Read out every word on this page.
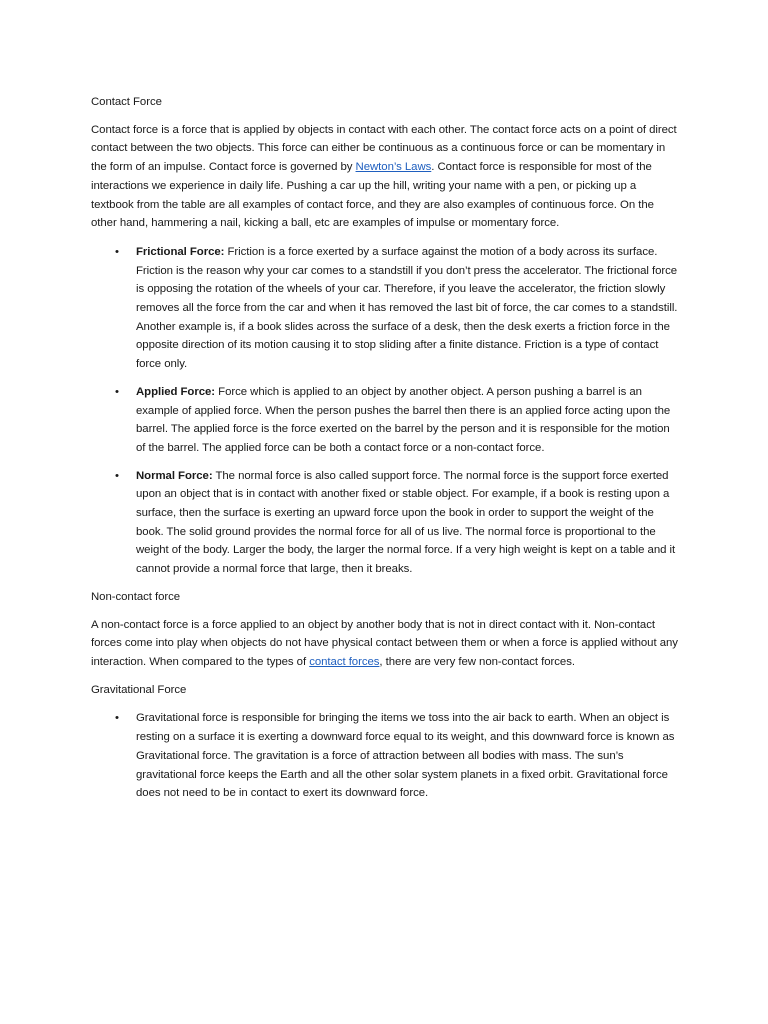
Contact Force

Contact force is a force that is applied by objects in contact with each other. The contact force acts on a point of direct contact between the two objects. This force can either be continuous as a continuous force or can be momentary in the form of an impulse. Contact force is governed by Newton’s Laws. Contact force is responsible for most of the interactions we experience in daily life. Pushing a car up the hill, writing your name with a pen, or picking up a textbook from the table are all examples of contact force, and they are also examples of continuous force. On the other hand, hammering a nail, kicking a ball, etc are examples of impulse or momentary force.

• Frictional Force: Friction is a force exerted by a surface against the motion of a body across its surface. Friction is the reason why your car comes to a standstill if you don’t press the accelerator. The frictional force is opposing the rotation of the wheels of your car. Therefore, if you leave the accelerator, the friction slowly removes all the force from the car and when it has removed the last bit of force, the car comes to a standstill. Another example is, if a book slides across the surface of a desk, then the desk exerts a friction force in the opposite direction of its motion causing it to stop sliding after a finite distance. Friction is a type of contact force only.
• Applied Force: Force which is applied to an object by another object. A person pushing a barrel is an example of applied force. When the person pushes the barrel then there is an applied force acting upon the barrel. The applied force is the force exerted on the barrel by the person and it is responsible for the motion of the barrel. The applied force can be both a contact force or a non-contact force.
• Normal Force: The normal force is also called support force. The normal force is the support force exerted upon an object that is in contact with another fixed or stable object. For example, if a book is resting upon a surface, then the surface is exerting an upward force upon the book in order to support the weight of the book. The solid ground provides the normal force for all of us live. The normal force is proportional to the weight of the body. Larger the body, the larger the normal force. If a very high weight is kept on a table and it cannot provide a normal force that large, then it breaks.

Non-contact force

A non-contact force is a force applied to an object by another body that is not in direct contact with it. Non-contact forces come into play when objects do not have physical contact between them or when a force is applied without any interaction. When compared to the types of contact forces, there are very few non-contact forces.

Gravitational Force

• Gravitational force is responsible for bringing the items we toss into the air back to earth. When an object is resting on a surface it is exerting a downward force equal to its weight, and this downward force is known as Gravitational force. The gravitation is a force of attraction between all bodies with mass. The sun’s gravitational force keeps the Earth and all the other solar system planets in a fixed orbit. Gravitational force does not need to be in contact to exert its downward force.
